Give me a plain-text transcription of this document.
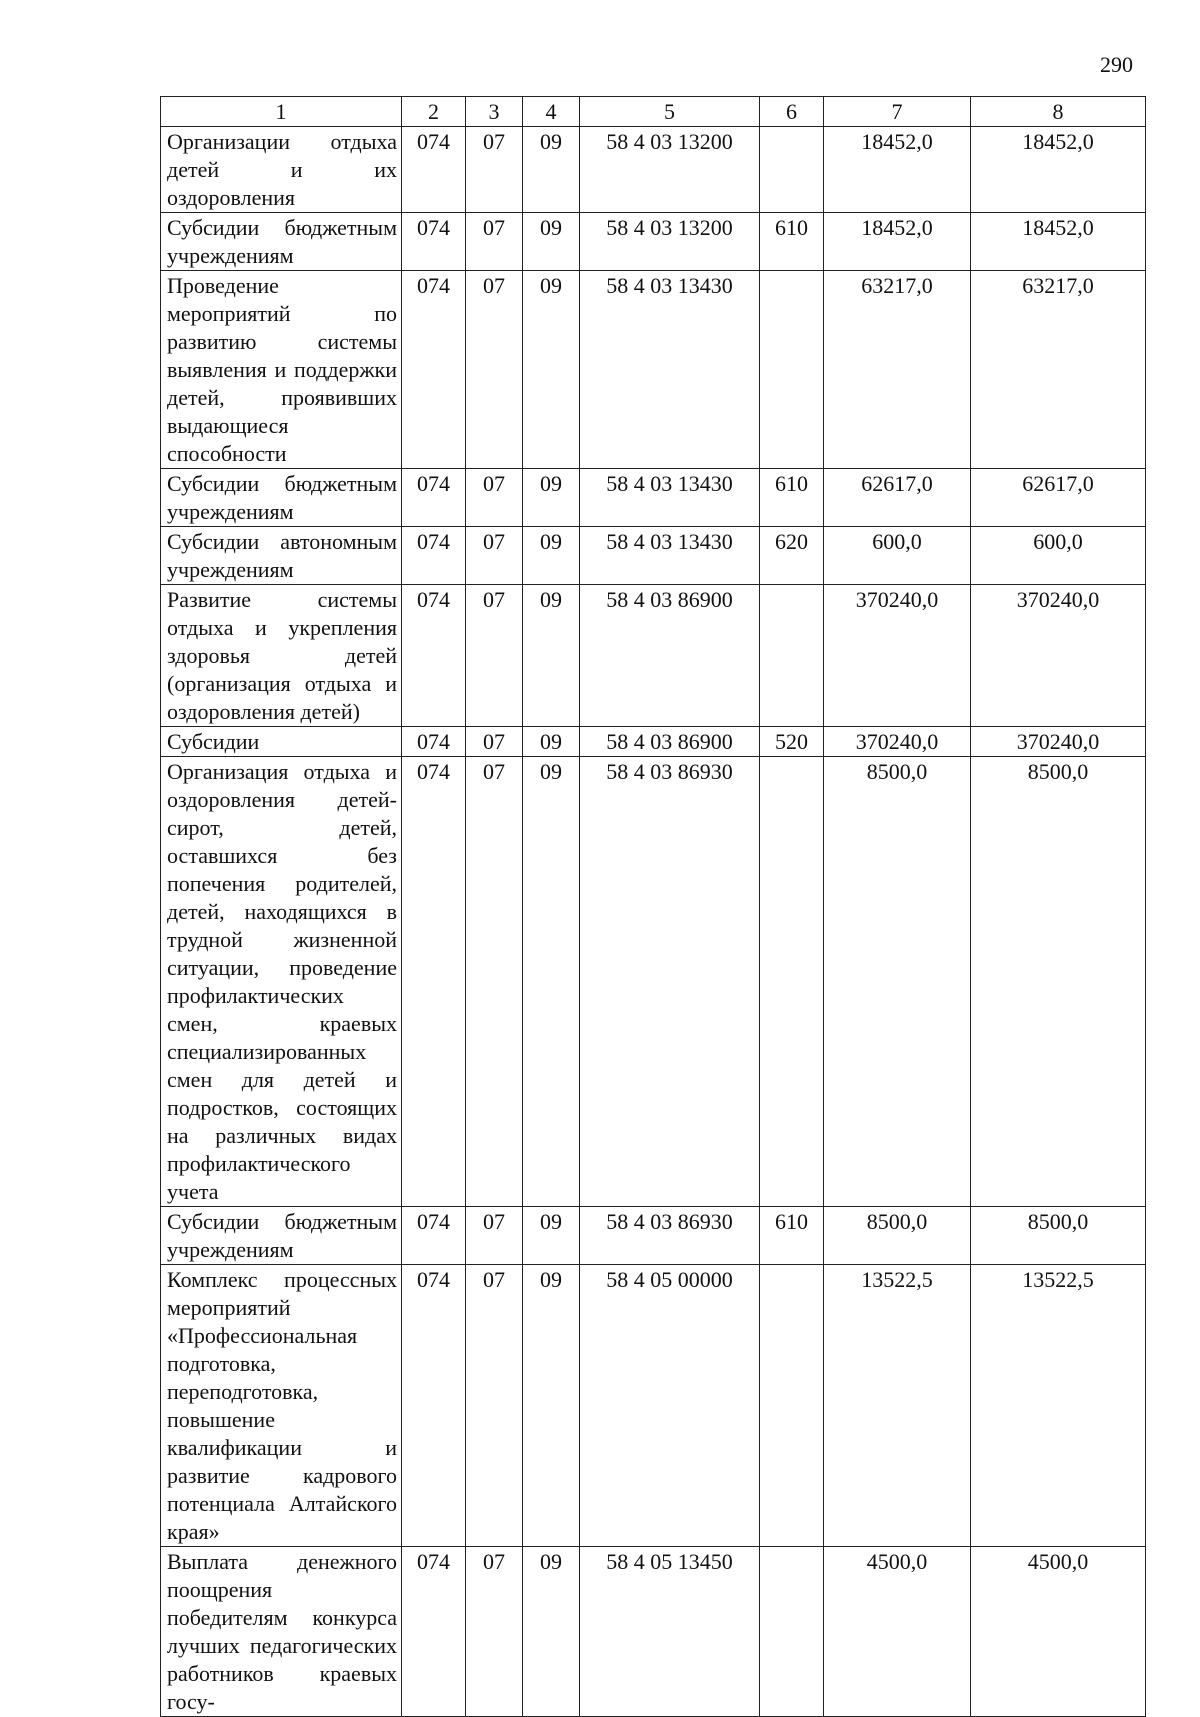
290
1	2	3	4	5	6	7	8
Организации отдыха детей и их оздоровления	074	07	09	58 4 03 13200		18452,0	18452,0
Субсидии бюджетным учреждениям	074	07	09	58 4 03 13200	610	18452,0	18452,0
Проведение мероприятий по развитию системы выявления и поддержки детей, проявивших выдающиеся способности	074	07	09	58 4 03 13430		63217,0	63217,0
Субсидии бюджетным учреждениям	074	07	09	58 4 03 13430	610	62617,0	62617,0
Субсидии автономным учреждениям	074	07	09	58 4 03 13430	620	600,0	600,0
Развитие системы отдыха и укрепления здоровья детей (организация отдыха и оздоровления детей)	074	07	09	58 4 03 86900		370240,0	370240,0
Субсидии	074	07	09	58 4 03 86900	520	370240,0	370240,0
Организация отдыха и оздоровления детей-сирот, детей, оставшихся без попечения родителей, детей, находящихся в трудной жизненной ситуации, проведение профилактических смен, краевых специализированных смен для детей и подростков, состоящих на различных видах профилактического учета	074	07	09	58 4 03 86930		8500,0	8500,0
Субсидии бюджетным учреждениям	074	07	09	58 4 03 86930	610	8500,0	8500,0
Комплекс процессных мероприятий «Профессиональная подготовка, переподготовка, повышение квалификации и развитие кадрового потенциала Алтайского края»	074	07	09	58 4 05 00000		13522,5	13522,5
Выплата денежного поощрения победителям конкурса лучших педагогических работников краевых госу-	074	07	09	58 4 05 13450		4500,0	4500,0
